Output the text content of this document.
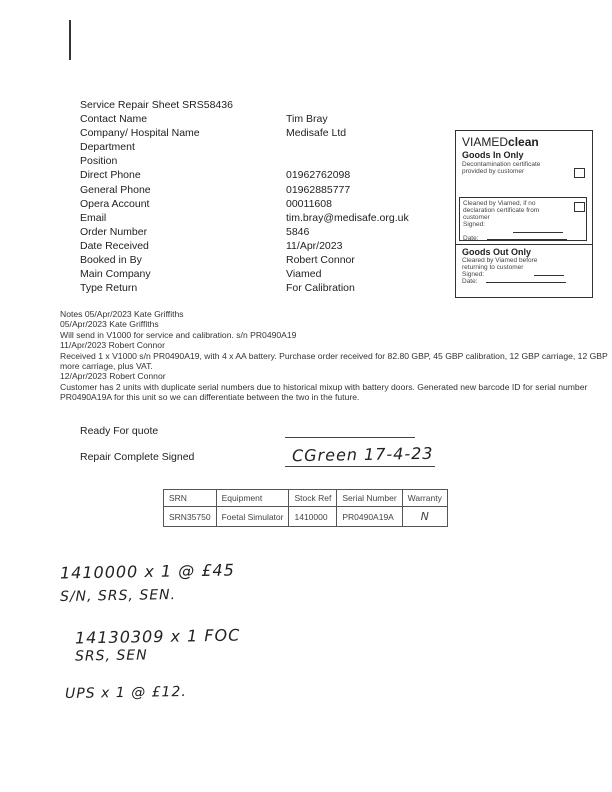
Service Repair Sheet SRS58436
Contact Name	Tim Bray
Company/ Hospital Name	Medisafe Ltd
Department
Position
Direct Phone	01962762098
General Phone	01962885777
Opera Account	00011608
Email	tim.bray@medisafe.org.uk
Order Number	5846
Date Received	11/Apr/2023
Booked in By	Robert Connor
Main Company	Viamed
Type Return	For Calibration
VIAMEDclean
Goods In Only
Decontamination certificate provided by customer
Cleaned by Viamed, if no declaration certificate from customer
Signed:
Date:
Goods Out Only
Cleared by Viamed before returning to customer
Signed:
Date:
Notes 05/Apr/2023 Kate Griffiths
05/Apr/2023 Kate Griffiths
Will send in V1000 for service and calibration. s/n PR0490A19
11/Apr/2023 Robert Connor
Received 1 x V1000 s/n PR0490A19, with 4 x AA battery. Purchase order received for 82.80 GBP, 45 GBP calibration, 12 GBP carriage, 12 GBP more carriage, plus VAT.
12/Apr/2023 Robert Connor
Customer has 2 units with duplicate serial numbers due to historical mixup with battery doors. Generated new barcode ID for serial number PR0490A19A for this unit so we can differentiate between the two in the future.
Ready For quote
Repair Complete Signed	CGreen 17-4-23
SRN	Equipment	Stock Ref	Serial Number	Warranty
SRN35750	Foetal Simulator	1410000	PR0490A19A	N
1410000 x 1 @ £45
S/N, SRS, SEN.
14130309 x 1 FOC
SRS, SEN
UPS x 1 @ £12.
